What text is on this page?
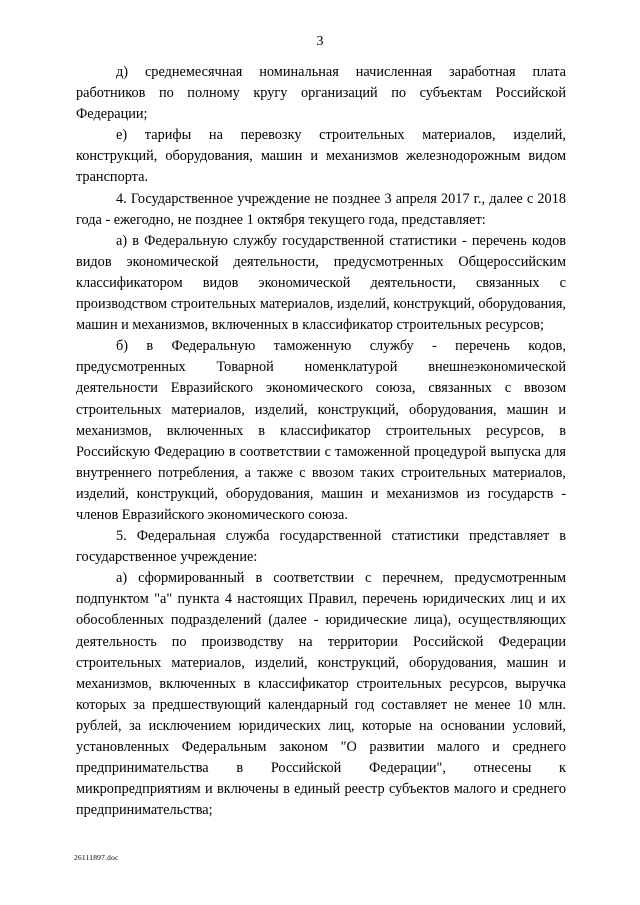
3

д) среднемесячная номинальная начисленная заработная плата работников по полному кругу организаций по субъектам Российской Федерации;

е) тарифы на перевозку строительных материалов, изделий, конструкций, оборудования, машин и механизмов железнодорожным видом транспорта.

4. Государственное учреждение не позднее 3 апреля 2017 г., далее с 2018 года - ежегодно, не позднее 1 октября текущего года, представляет:

а) в Федеральную службу государственной статистики - перечень кодов видов экономической деятельности, предусмотренных Общероссийским классификатором видов экономической деятельности, связанных с производством строительных материалов, изделий, конструкций, оборудования, машин и механизмов, включенных в классификатор строительных ресурсов;

б) в Федеральную таможенную службу - перечень кодов, предусмотренных Товарной номенклатурой внешнеэкономической деятельности Евразийского экономического союза, связанных с ввозом строительных материалов, изделий, конструкций, оборудования, машин и механизмов, включенных в классификатор строительных ресурсов, в Российскую Федерацию в соответствии с таможенной процедурой выпуска для внутреннего потребления, а также с ввозом таких строительных материалов, изделий, конструкций, оборудования, машин и механизмов из государств - членов Евразийского экономического союза.

5. Федеральная служба государственной статистики представляет в государственное учреждение:

а) сформированный в соответствии с перечнем, предусмотренным подпунктом "а" пункта 4 настоящих Правил, перечень юридических лиц и их обособленных подразделений (далее - юридические лица), осуществляющих деятельность по производству на территории Российской Федерации строительных материалов, изделий, конструкций, оборудования, машин и механизмов, включенных в классификатор строительных ресурсов, выручка которых за предшествующий календарный год составляет не менее 10 млн. рублей, за исключением юридических лиц, которые на основании условий, установленных Федеральным законом "О развитии малого и среднего предпринимательства в Российской Федерации", отнесены к микропредприятиям и включены в единый реестр субъектов малого и среднего предпринимательства;

26111897.doc
